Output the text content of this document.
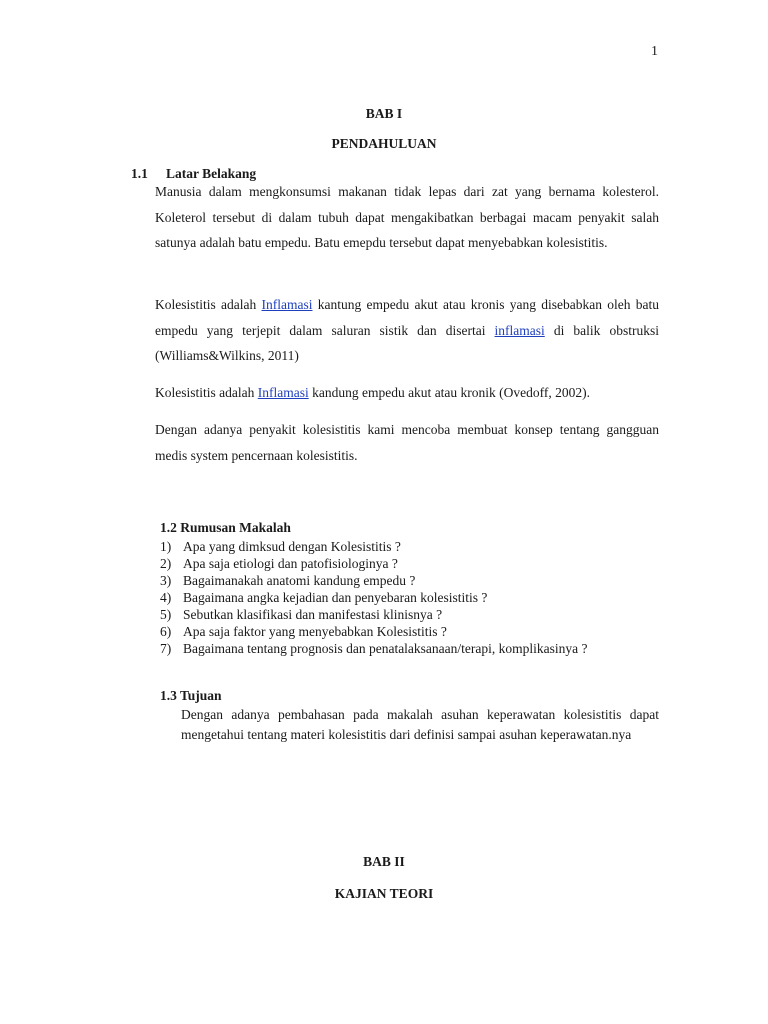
1
BAB I
PENDAHULUAN
1.1 Latar Belakang

Manusia dalam mengkonsumsi makanan tidak lepas dari zat yang bernama kolesterol. Koleterol tersebut di dalam tubuh dapat mengakibatkan berbagai macam penyakit salah satunya adalah batu empedu. Batu emepdu tersebut dapat menyebabkan kolesistitis.

Kolesistitis adalah Inflamasi kantung empedu akut atau kronis yang disebabkan oleh batu empedu yang terjepit dalam saluran sistik dan disertai inflamasi di balik obstruksi (Williams&Wilkins, 2011)

Kolesistitis adalah Inflamasi kandung empedu akut atau kronik (Ovedoff, 2002).

Dengan adanya penyakit kolesistitis kami mencoba membuat konsep tentang gangguan medis system pencernaan kolesistitis.

1.2 Rumusan Makalah
1) Apa yang dimksud dengan Kolesistitis ?
2) Apa saja etiologi dan patofisiologinya ?
3) Bagaimanakah anatomi kandung empedu ?
4) Bagaimana angka kejadian dan penyebaran kolesistitis ?
5) Sebutkan klasifikasi dan manifestasi klinisnya ?
6) Apa saja faktor yang menyebabkan Kolesistitis ?
7) Bagaimana tentang prognosis dan penatalaksanaan/terapi, komplikasinya ?
1.3 Tujuan
Dengan adanya pembahasan pada makalah asuhan keperawatan kolesistitis dapat mengetahui tentang materi kolesistitis dari definisi sampai asuhan keperawatan.nya
BAB II
KAJIAN TEORI
